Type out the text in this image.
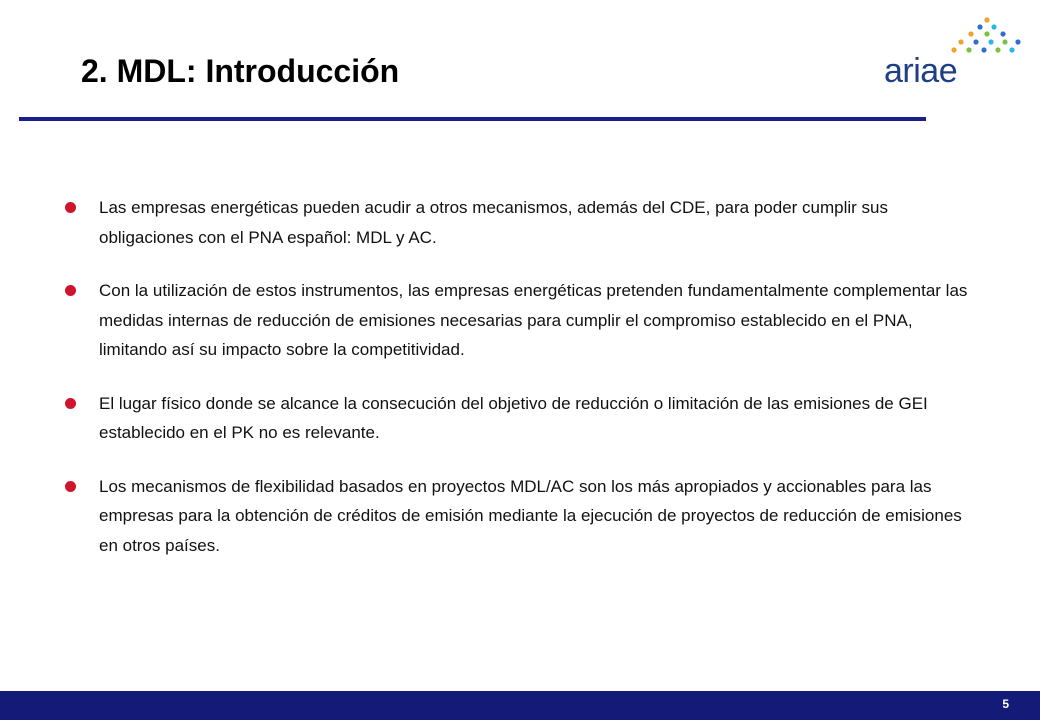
2. MDL: Introducción	ariae
Las empresas energéticas pueden acudir a otros mecanismos, además del CDE, para poder cumplir sus obligaciones con el PNA español: MDL y AC.
Con la utilización de estos instrumentos, las empresas energéticas pretenden fundamentalmente complementar las medidas internas de reducción de emisiones necesarias para cumplir el compromiso establecido en el PNA, limitando así su impacto sobre la competitividad.
El lugar físico donde se alcance la consecución del objetivo de reducción o limitación de las emisiones de GEI establecido en el PK no es relevante.
Los mecanismos de flexibilidad basados en proyectos MDL/AC son los más apropiados y accionables para las empresas para la obtención de créditos de emisión mediante la ejecución de proyectos de reducción de emisiones en otros países.
5
